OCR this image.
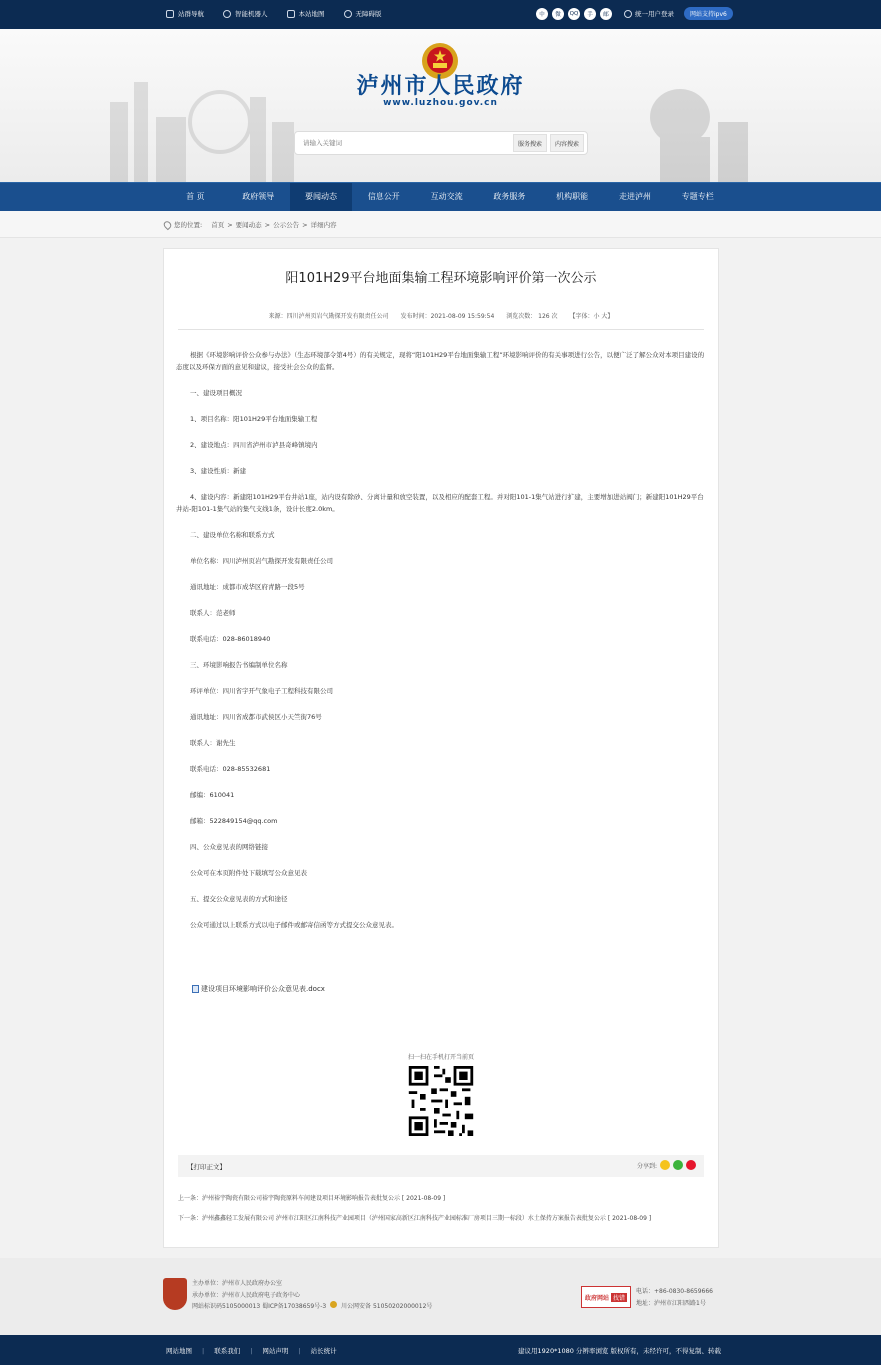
站群导航	智能机器人	本站地图	无障碍版	中	微	QQ	手	邮	统一用户登录	网站支持ipv6
泸州市人民政府
www.luzhou.gov.cn
请输入关键词
服务搜索	内容搜索
首 页	政府领导	要闻动态	信息公开	互动交流	政务服务	机构职能	走进泸州	专题专栏
您的位置: 首页 > 要闻动态 > 公示公告 > 详细内容
阳101H29平台地面集输工程环境影响评价第一次公示
来源：四川泸州页岩气勘探开发有限责任公司 发布时间：2021-08-09 15:59:54 浏览次数： 126 次 【字体：小 大】

根据《环境影响评价公众参与办法》（生态环境部令第4号）的有关规定，现将“阳101H29平台地面集输工程”环境影响评价的有关事项进行公告，以便广泛了解公众对本项目建设的态度以及环保方面的意见和建议，接受社会公众的监督。

一、建设项目概况

1、项目名称：阳101H29平台地面集输工程

2、建设地点：四川省泸州市泸县奇峰镇境内

3、建设性质：新建

4、建设内容：新建阳101H29平台井站1座，站内设有除砂、分离计量和放空装置，以及相应的配套工程。并对阳101-1集气站进行扩建，主要增加进站阀门；新建阳101H29平台井站-阳101-1集气站的集气支线1条，设计长度2.0km。

二、建设单位名称和联系方式

单位名称：四川泸州页岩气勘探开发有限责任公司

通讯地址：成都市成华区府青路一段5号

联系人：范老师

联系电话：028-86018940

三、环境影响报告书编制单位名称

环评单位：四川省宇开气象电子工程科技有限公司

通讯地址：四川省成都市武侯区小天竺街76号

联系人：谢先生

联系电话：028-85532681

邮编：610041

邮箱：522849154@qq.com

四、公众意见表的网络链接

公众可在本页附件处下载填写公众意见表

五、提交公众意见表的方式和途径

公众可通过以上联系方式以电子邮件或邮寄信函等方式提交公众意见表。

建设项目环境影响评价公众意见表.docx
扫一扫在手机打开当前页
【打印正文】	分享到:
上一条：泸州裕宇陶瓷有限公司裕宇陶瓷原料车间建设项目环境影响报告表批复公示 [ 2021-08-09 ]
下一条：泸州鑫鑫轻工发展有限公司 泸州市江阳区江南科技产业园项目（泸州国家高新区江南科技产业园标准厂房项目三期一标段）水土保持方案报告表批复公示 [ 2021-08-09 ]
主办单位：泸州市人民政府办公室
承办单位：泸州市人民政府电子政务中心
网站标识码5105000013 蜀ICP备17038659号-3 川公网安备 51050202000012号
政府网站 找错
电话：+86-0830-8659666
地址：泸州市江阳西路1号
网站地图 | 联系我们 | 网站声明 | 站长统计	建议用1920*1080 分辨率浏览 版权所有，未经许可，不得复制、转载
